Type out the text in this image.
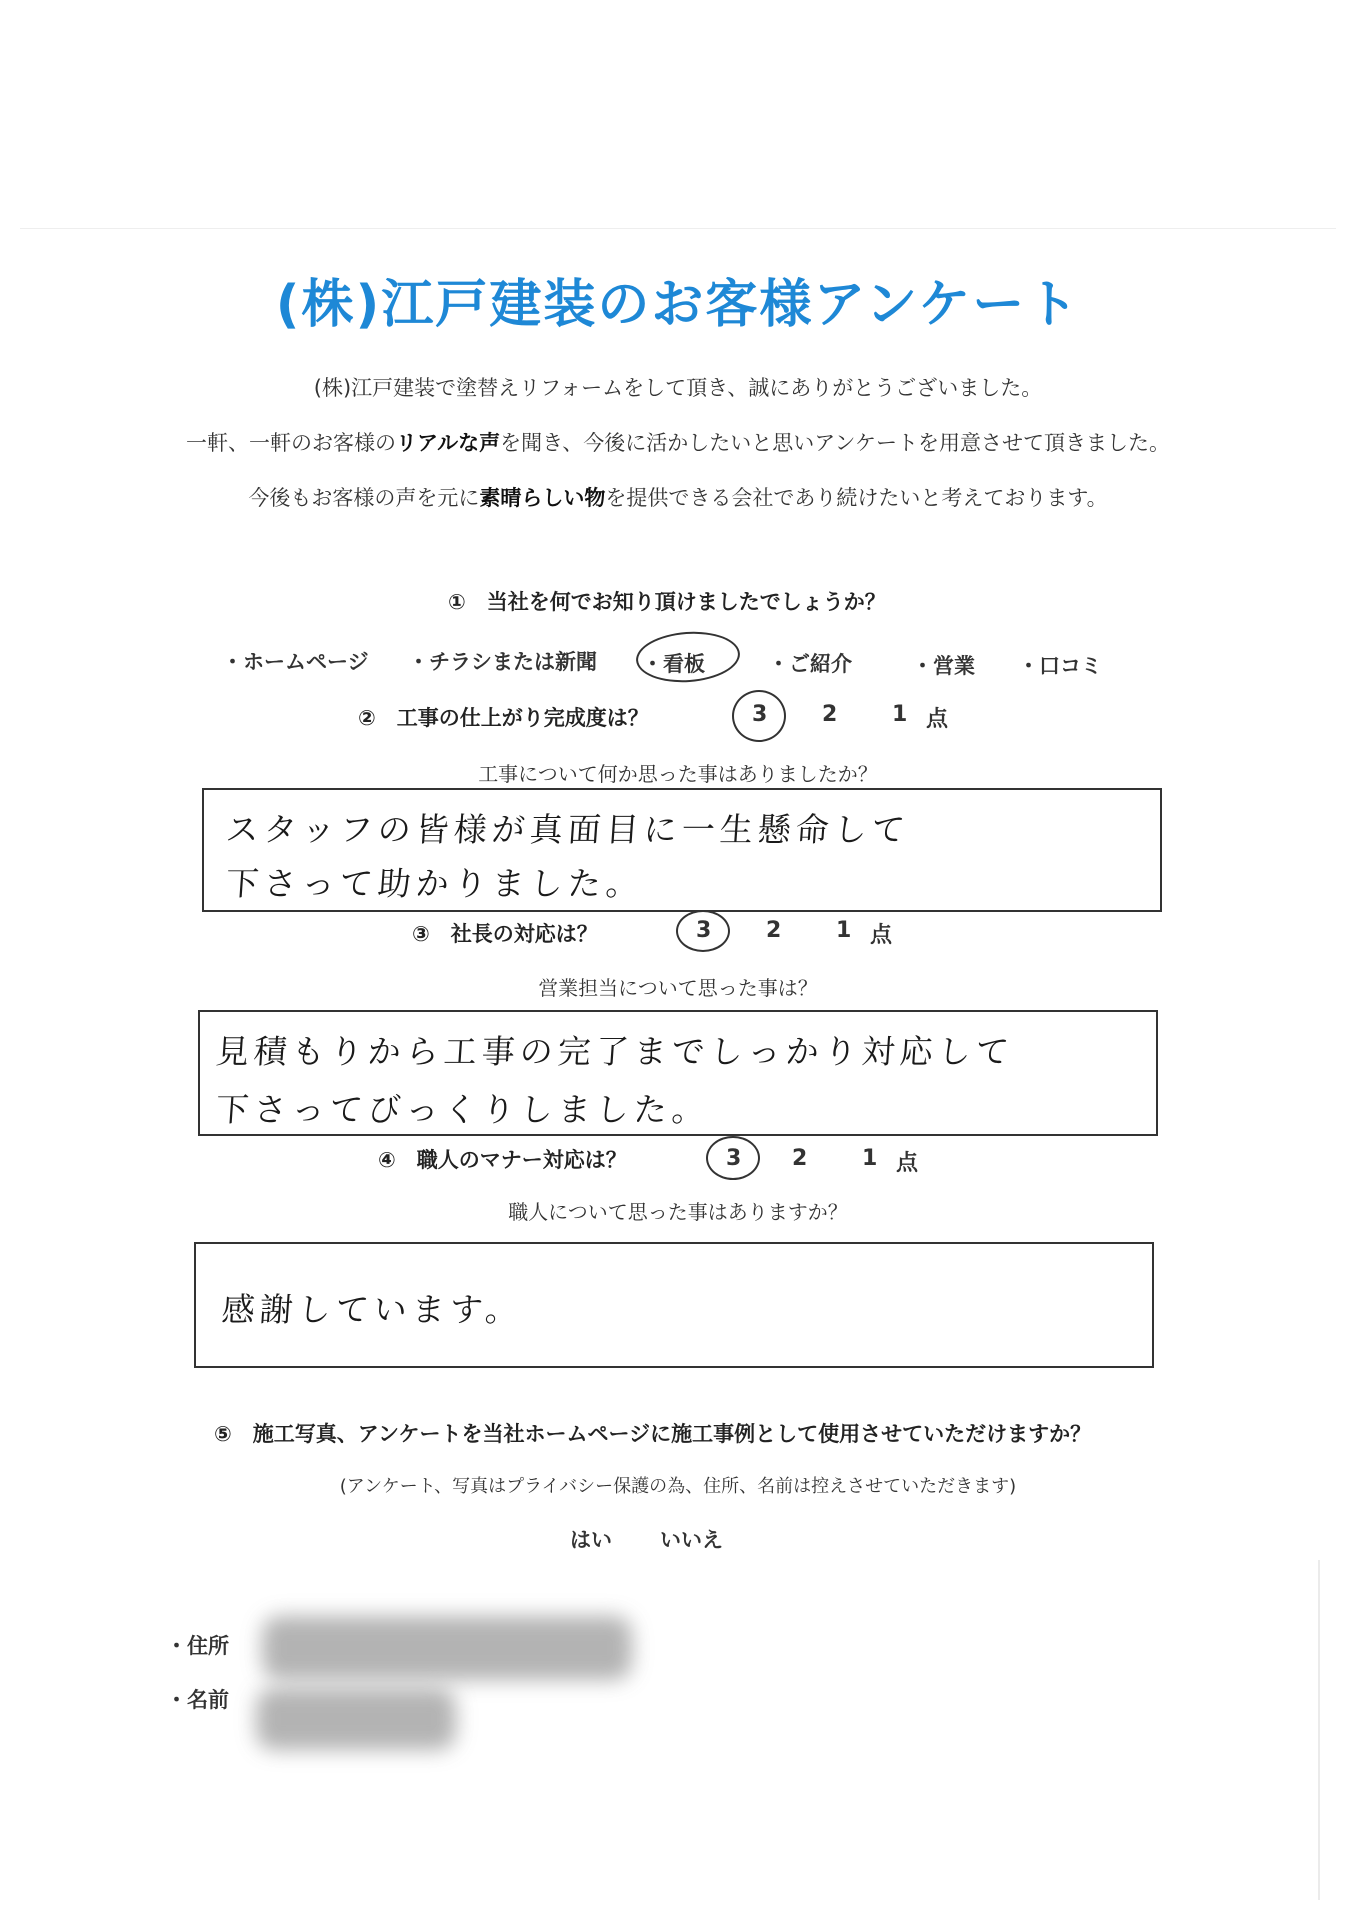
(株)江戸建装のお客様アンケート
(株)江戸建装で塗替えリフォームをして頂き、誠にありがとうございました。
一軒、一軒のお客様のリアルな声を聞き、今後に活かしたいと思いアンケートを用意させて頂きました。
今後もお客様の声を元に素晴らしい物を提供できる会社であり続けたいと考えております。
①　当社を何でお知り頂けましたでしょうか？
・ホームページ ・チラシまたは新聞 ・看板	・ご紹介	・営業 ・口コミ
②　工事の仕上がり完成度は？	3 2 1 点
工事について何か思った事はありましたか？
スタッフの皆様が真面目に一生懸命して
下さって助かりました。
③　社長の対応は？	3 2 1 点
営業担当について思った事は？
見積もりから工事の完了までしっかり対応して
下さってびっくりしました。
④　職人のマナー対応は？	3 2 1 点
職人について思った事はありますか？
感謝しています。
⑤　施工写真、アンケートを当社ホームページに施工事例として使用させていただけますか？
(アンケート、写真はプライバシー保護の為、住所、名前は控えさせていただきます)
はい いいえ
・住所
・名前
